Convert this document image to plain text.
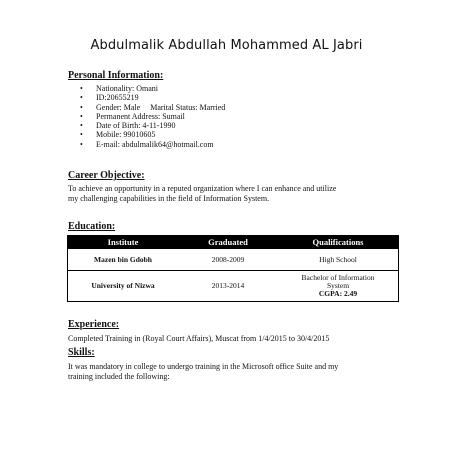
Abdulmalik Abdullah Mohammed AL Jabri
Personal Information:
• Nationality: Omani
• ID:20655219
• Gender: Male     Marital Status: Married
• Permanent Address: Sumail
• Date of Birth: 4-11-1990
• Mobile: 99010605
• E-mail: abdulmalik64@hotmail.com
Career Objective:
To achieve an opportunity in a reputed organization where I can enhance and utilize
my challenging capabilities in the field of Information System.
Education:
Institute	Graduated	Qualifications
Mazen bin Gdobh	2008-2009	High School

University of Nizwa	2013-2014	Bachelor of Information
System
CGPA: 2.49
Experience:
Completed Training in (Royal Court Affairs), Muscat from 1/4/2015 to 30/4/2015
Skills:
It was mandatory in college to undergo training in the Microsoft office Suite and my
training included the following:
